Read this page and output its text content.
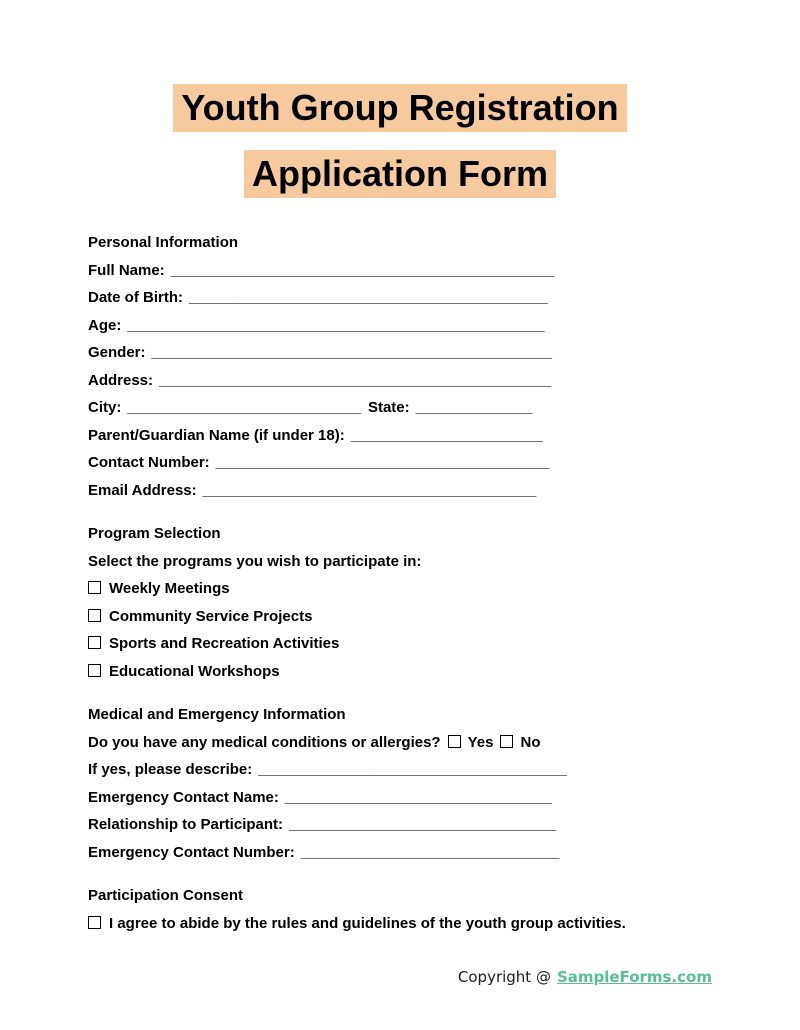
Youth Group Registration
Application Form
Personal Information
Full Name: ______________________________________________
Date of Birth: ___________________________________________
Age: __________________________________________________
Gender: ________________________________________________
Address: _______________________________________________
City: ____________________________ State: ______________
Parent/Guardian Name (if under 18): _______________________
Contact Number: ________________________________________
Email Address: ________________________________________
Program Selection
Select the programs you wish to participate in:
Weekly Meetings
Community Service Projects
Sports and Recreation Activities
Educational Workshops
Medical and Emergency Information
Do you have any medical conditions or allergies? Yes No
If yes, please describe: _____________________________________
Emergency Contact Name: ________________________________
Relationship to Participant: ________________________________
Emergency Contact Number: _______________________________
Participation Consent
I agree to abide by the rules and guidelines of the youth group activities.
Copyright @ SampleForms.com
